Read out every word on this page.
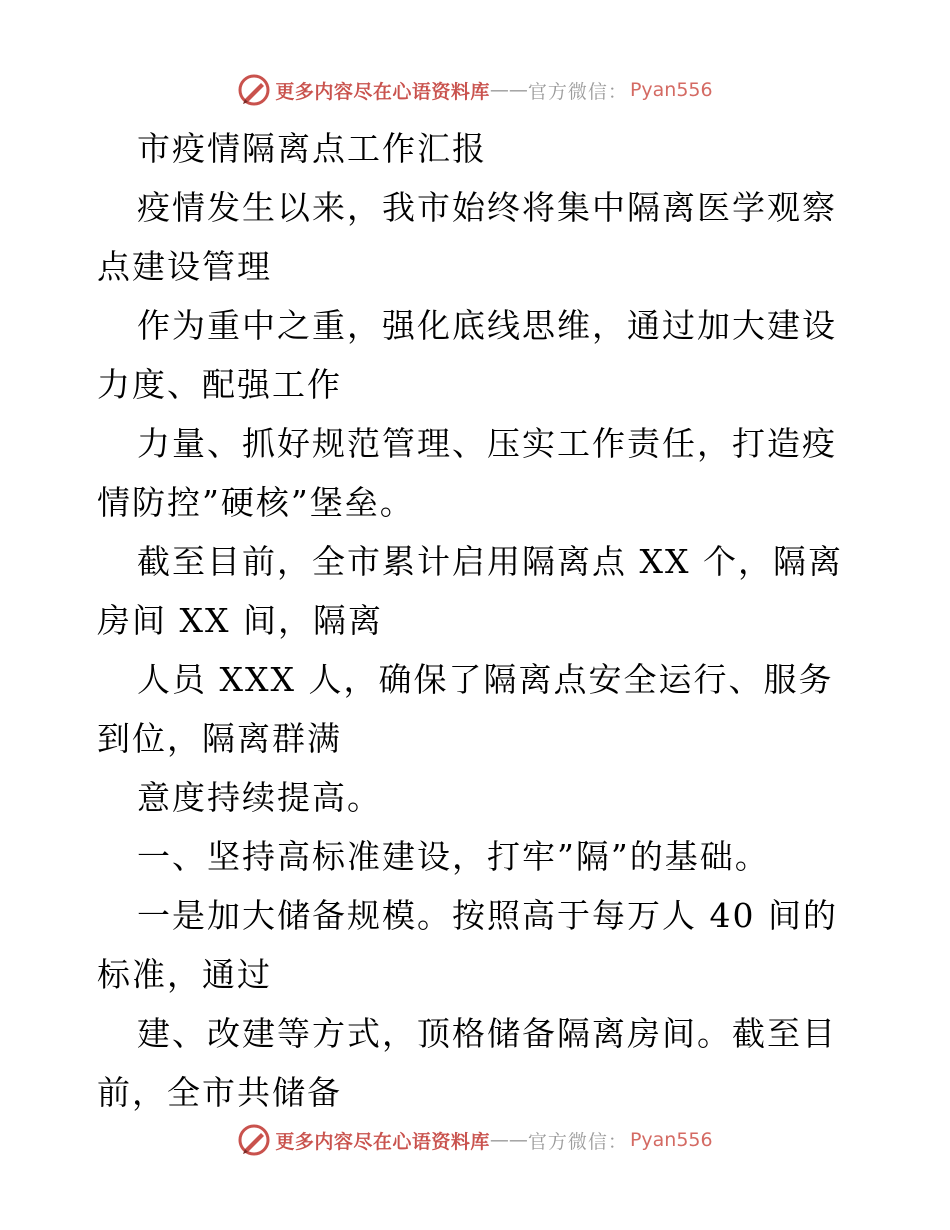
更多内容尽在心语资料库 —— 官方微信： Pyan556

市疫情隔离点工作汇报

疫情发生以来，我市始终将集中隔离医学观察点建设管理

作为重中之重，强化底线思维，通过加大建设力度、配强工作

力量、抓好规范管理、压实工作责任，打造疫情防控”硬核”堡垒。

截至目前，全市累计启用隔离点 XX 个，隔离房间 XX 间，隔离

人员 XXX 人，确保了隔离点安全运行、服务到位，隔离群满

意度持续提高。

一、坚持高标准建设，打牢”隔”的基础。

一是加大储备规模。按照高于每万人 40 间的标准，通过

建、改建等方式，顶格储备隔离房间。截至目前，全市共储备

更多内容尽在心语资料库 —— 官方微信： Pyan556
